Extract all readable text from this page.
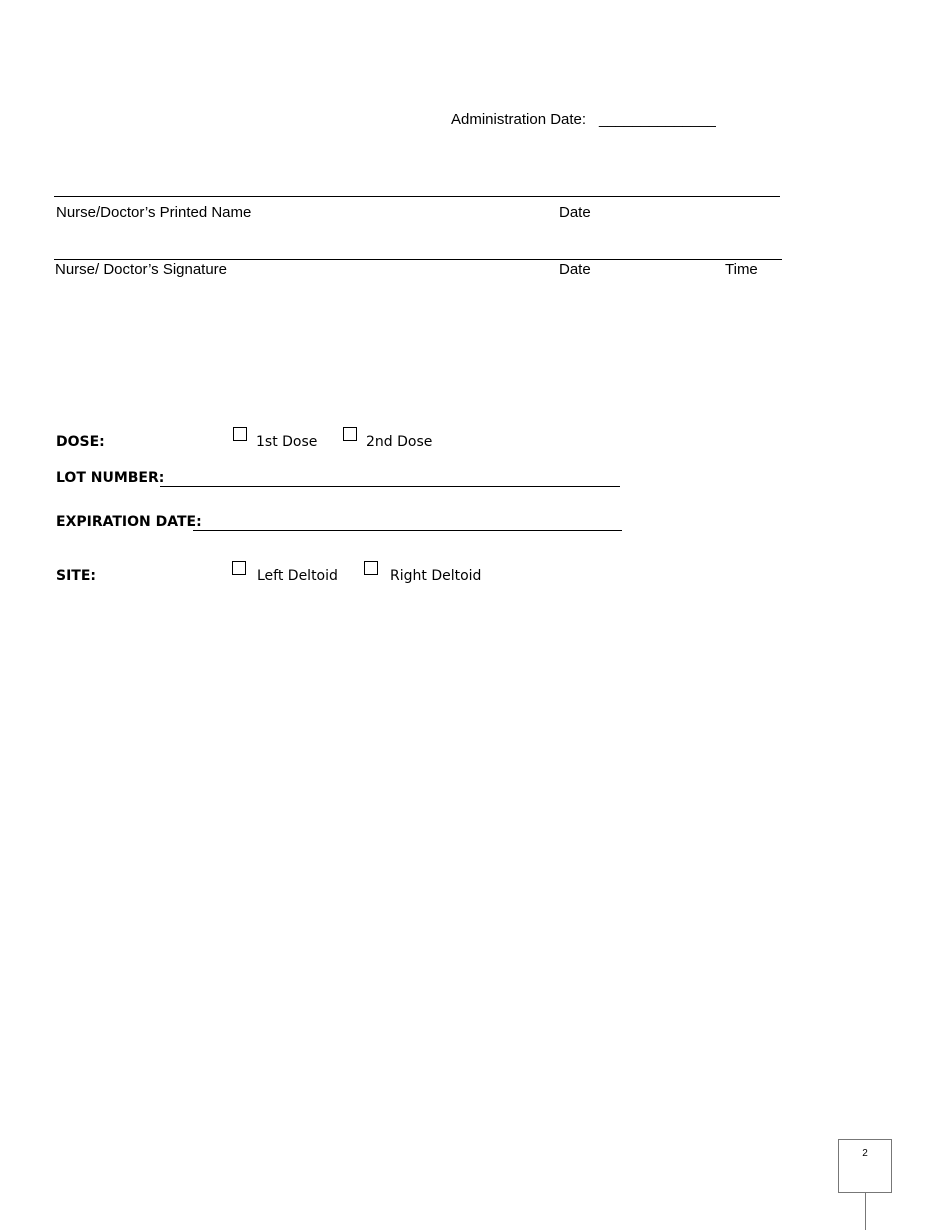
Administration Date: ______________
Nurse/Doctor’s Printed Name	Date
Nurse/ Doctor’s Signature	Date	Time
DOSE:	1st Dose	2nd Dose
LOT NUMBER:
EXPIRATION DATE:
SITE:	Left Deltoid	Right Deltoid
2
